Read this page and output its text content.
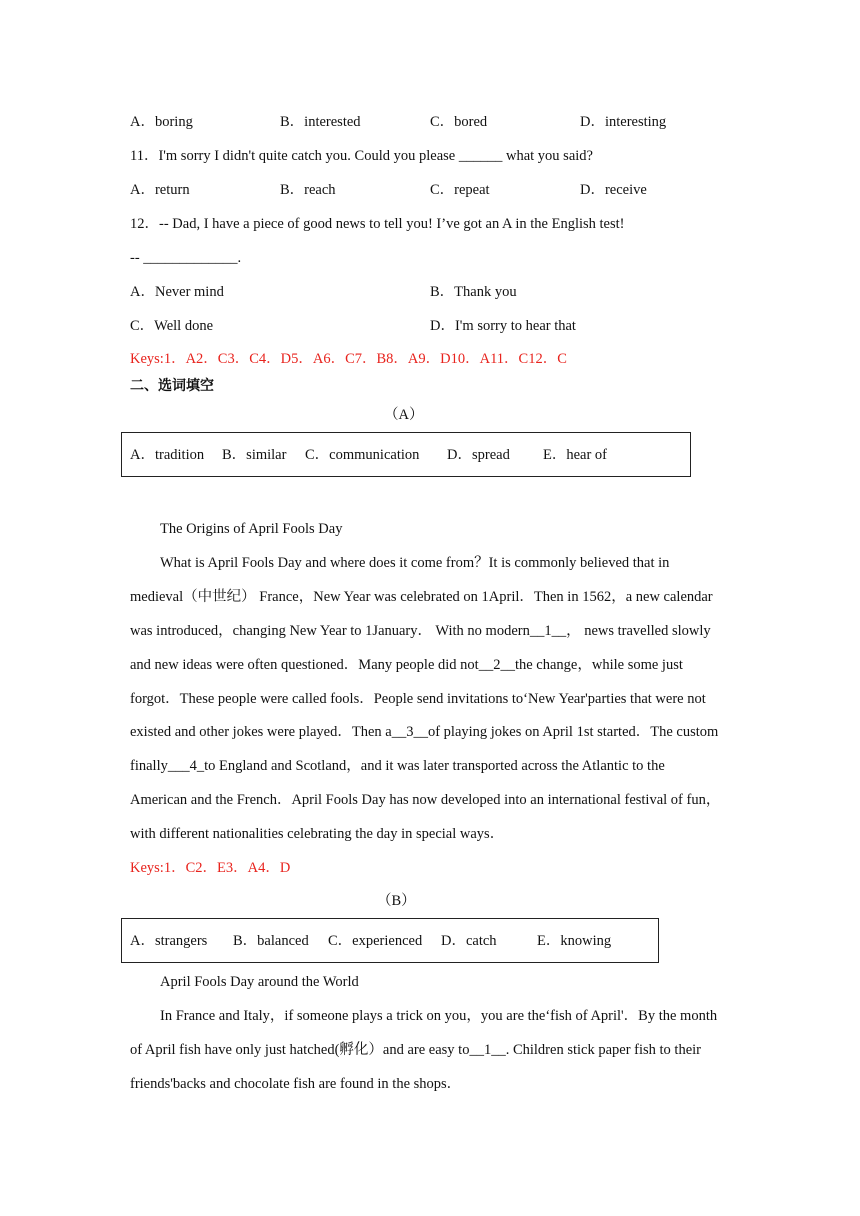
A．boring	B．interested	C．bored	D．interesting
11．I'm sorry I didn't quite catch you. Could you please ______ what you said?
A．return	B．reach	C．repeat	D．receive
12．-- Dad, I have a piece of good news to tell you! I’ve got an A in the English test!
-- _____________.
A．Never mind	B．Thank you
C．Well done	D．I'm sorry to hear that
Keys:1．A2．C3．C4．D5．A6．C7．B8．A9．D10．A11．C12．C
二、选词填空
（A）
A．tradition B．similar C．communication D．spread E．hear of
The Origins of April Fools Day
What is April Fools Day and where does it come from？It is commonly believed that in
medieval（中世纪） France，New Year was celebrated on 1April．Then in 1562，a new calendar
was introduced，changing New Year to 1January． With no modern__1__， news travelled slowly
and new ideas were often questioned．Many people did not__2__the change，while some just
forgot．These people were called fools．People send invitations to‘New Year'parties that were not
existed and other jokes were played．Then a__3__of playing jokes on April 1st started．The custom
finally___4_to England and Scotland，and it was later transported across the Atlantic to the
American and the French．April Fools Day has now developed into an international festival of fun，
with different nationalities celebrating the day in special ways．
Keys:1．C2．E3．A4．D
（B）
A．strangers B．balanced C．experienced D．catch	E．knowing
April Fools Day around the World
In France and Italy，if someone plays a trick on you，you are the‘fish of April'．By the month
of April fish have only just hatched(孵化）and are easy to__1__. Children stick paper fish to their
friends'backs and chocolate fish are found in the shops．
